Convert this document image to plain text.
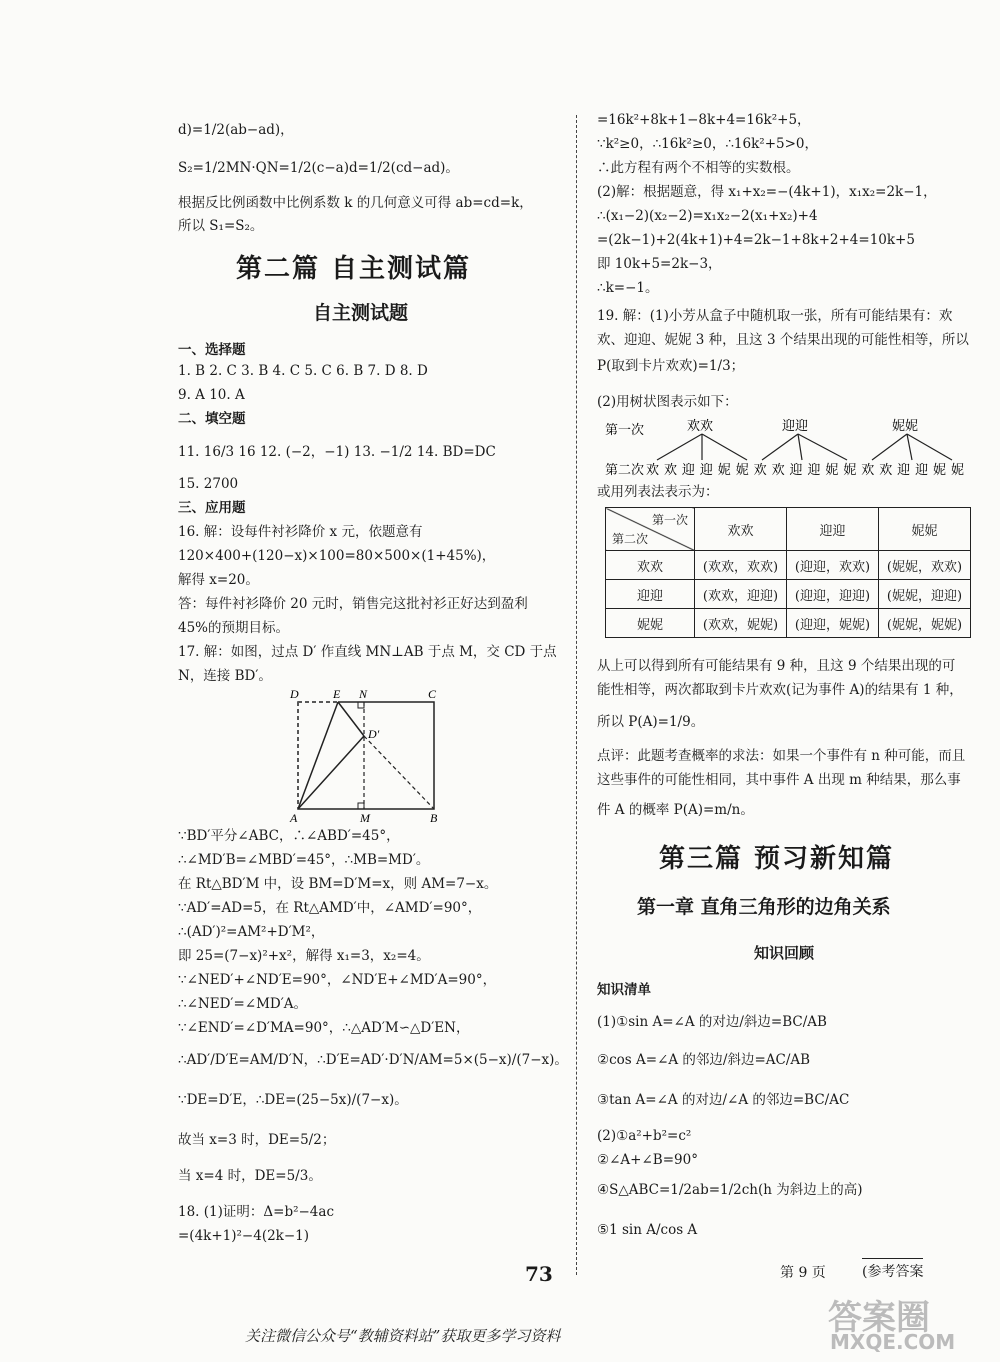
d)=1/2(ab−ad)，
S₂=1/2MN·QN=1/2(c−a)d=1/2(cd−ad)。
根据反比例函数中比例系数 k 的几何意义可得 ab=cd=k，
所以 S₁=S₂。
第二篇 自主测试篇
自主测试题
一、选择题
1. B 2. C 3. B 4. C 5. C 6. B 7. D 8. D
9. A 10. A
二、填空题
11. 16/3 16 12. (−2，−1) 13. −1/2 14. BD=DC
15. 2700
三、应用题
16. 解：设每件衬衫降价 x 元，依题意有
120×400+(120−x)×100=80×500×(1+45%)，
解得 x=20。
答：每件衬衫降价 20 元时，销售完这批衬衫正好达到盈利
45%的预期目标。
17. 解：如图，过点 D′ 作直线 MN⊥AB 于点 M，交 CD 于点
N，连接 BD′。
D	E N	C
D′
A	M	B
∵BD′平分∠ABC，∴∠ABD′=45°，
∴∠MD′B=∠MBD′=45°，∴MB=MD′。
在 Rt△BD′M 中，设 BM=D′M=x，则 AM=7−x。
∵AD′=AD=5，在 Rt△AMD′中，∠AMD′=90°，
∴(AD′)²=AM²+D′M²，
即 25=(7−x)²+x²，解得 x₁=3，x₂=4。
∵∠NED′+∠ND′E=90°，∠ND′E+∠MD′A=90°，
∴∠NED′=∠MD′A。
∵∠END′=∠D′MA=90°，∴△AD′M∽△D′EN，
∴AD′/D′E=AM/D′N，∴D′E=AD′·D′N/AM=5×(5−x)/(7−x)。
∵DE=D′E，∴DE=(25−5x)/(7−x)。
故当 x=3 时，DE=5/2；
当 x=4 时，DE=5/3。
18. (1)证明：Δ=b²−4ac
=(4k+1)²−4(2k−1)
=16k²+8k+1−8k+4=16k²+5，
∵k²≥0，∴16k²≥0，∴16k²+5>0，
∴此方程有两个不相等的实数根。
(2)解：根据题意，得 x₁+x₂=−(4k+1)，x₁x₂=2k−1，
∴(x₁−2)(x₂−2)=x₁x₂−2(x₁+x₂)+4
=(2k−1)+2(4k+1)+4=2k−1+8k+2+4=10k+5
即 10k+5=2k−3，
∴k=−1。
19. 解：(1)小芳从盒子中随机取一张，所有可能结果有：欢
欢、迎迎、妮妮 3 种，且这 3 个结果出现的可能性相等，所以
P(取到卡片欢欢)=1/3；
(2)用树状图表示如下：
第一次
第二次
欢欢	迎迎	妮妮
欢欢迎迎妮妮欢欢迎迎妮妮欢欢迎迎妮妮
或用列表法表示为：
第一次
第二次	欢欢	迎迎	妮妮
欢欢	(欢欢，欢欢)	(迎迎，欢欢)	(妮妮，欢欢)
迎迎	(欢欢，迎迎)	(迎迎，迎迎)	(妮妮，迎迎)
妮妮	(欢欢，妮妮)	(迎迎，妮妮)	(妮妮，妮妮)
从上可以得到所有可能结果有 9 种，且这 9 个结果出现的可
能性相等，两次都取到卡片欢欢(记为事件 A)的结果有 1 种，
所以 P(A)=1/9。
点评：此题考查概率的求法：如果一个事件有 n 种可能，而且
这些事件的可能性相同，其中事件 A 出现 m 种结果，那么事
件 A 的概率 P(A)=m/n。
第三篇 预习新知篇
第一章 直角三角形的边角关系
知识回顾
知识清单
(1)①sin A=∠A 的对边/斜边=BC/AB
②cos A=∠A 的邻边/斜边=AC/AB
③tan A=∠A 的对边/∠A 的邻边=BC/AC
(2)①a²+b²=c²
②∠A+∠B=90°
④S△ABC=1/2ab=1/2ch(h 为斜边上的高)
⑤1 sin A/cos A
73	第 9 页	(参考答案
答案圈
MXQE.COM
关注微信公众号“教辅资料站”获取更多学习资料
